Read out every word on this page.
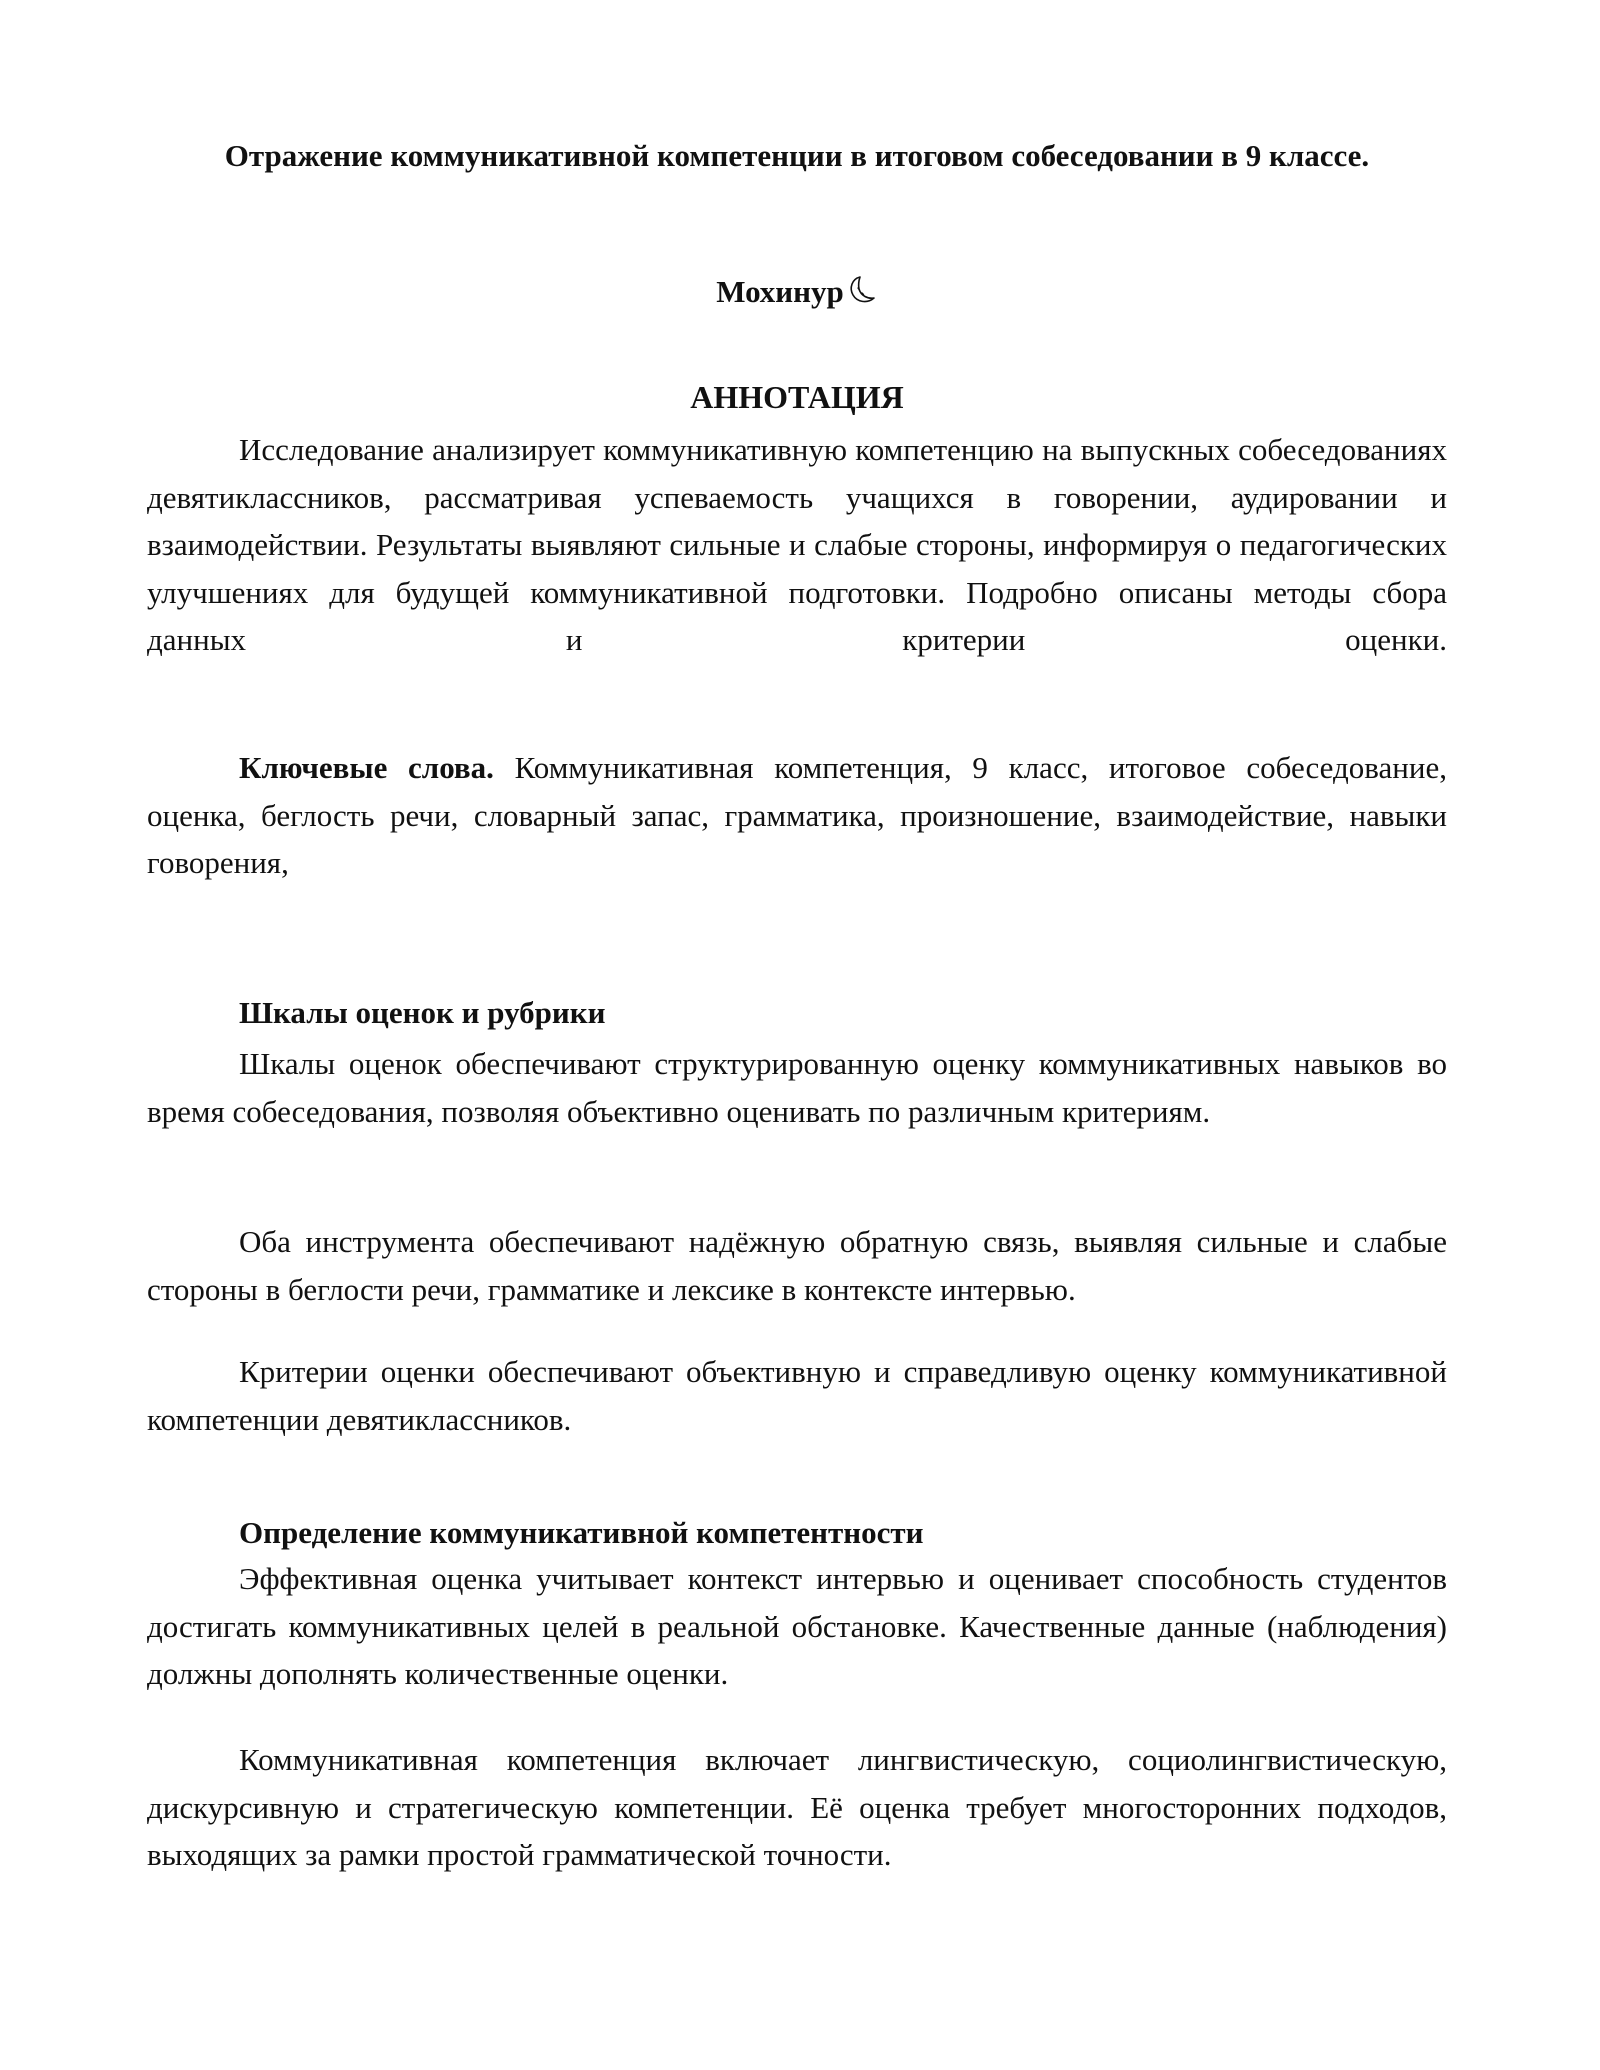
Отражение коммуникативной компетенции в итоговом собеседовании в 9 классе.

Мохинур

АННОТАЦИЯ

Исследование анализирует коммуникативную компетенцию на выпускных собеседованиях девятиклассников, рассматривая успеваемость учащихся в говорении, аудировании и взаимодействии. Результаты выявляют сильные и слабые стороны, информируя о педагогических улучшениях для будущей коммуникативной подготовки. Подробно описаны методы сбора данных и критерии оценки.

Ключевые слова. Коммуникативная компетенция, 9 класс, итоговое собеседование, оценка, беглость речи, словарный запас, грамматика, произношение, взаимодействие, навыки говорения,

Шкалы оценок и рубрики

Шкалы оценок обеспечивают структурированную оценку коммуникативных навыков во время собеседования, позволяя объективно оценивать по различным критериям.

Оба инструмента обеспечивают надёжную обратную связь, выявляя сильные и слабые стороны в беглости речи, грамматике и лексике в контексте интервью.

Критерии оценки обеспечивают объективную и справедливую оценку коммуникативной компетенции девятиклассников.

Определение коммуникативной компетентности

Эффективная оценка учитывает контекст интервью и оценивает способность студентов достигать коммуникативных целей в реальной обстановке. Качественные данные (наблюдения) должны дополнять количественные оценки.

Коммуникативная компетенция включает лингвистическую, социолингвистическую, дискурсивную и стратегическую компетенции. Её оценка требует многосторонних подходов, выходящих за рамки простой грамматической точности.
